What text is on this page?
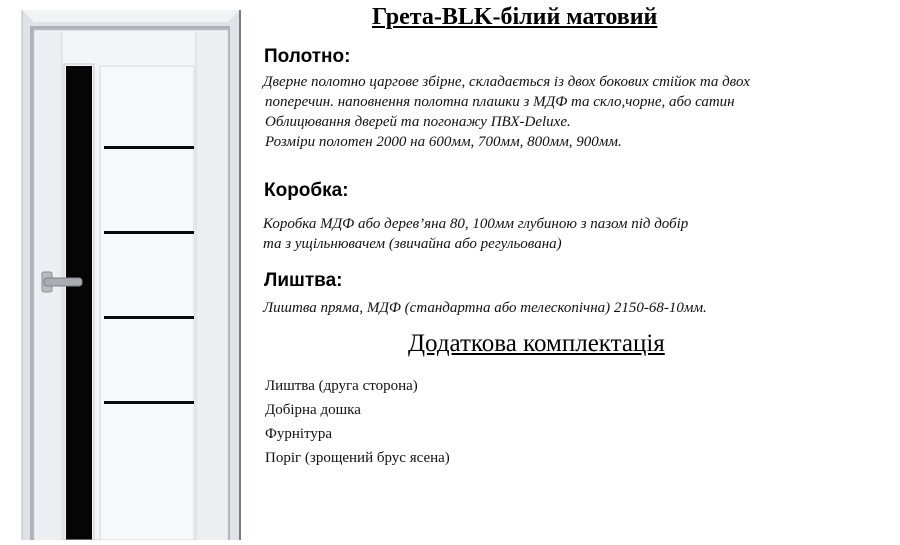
Грета-BLK-білий матовий
Полотно:
Дверне полотно царгове збірне, складається із двох бокових стійок та двох
поперечин. наповнення полотна плашки з МДФ та скло,чорне, або сатин
Облицювання дверей та погонажу ПВХ-Deluxe.
Розміри полотен 2000 на 600мм, 700мм, 800мм, 900мм.
Коробка:
Коробка МДФ або дерев’яна 80, 100мм глубиною з пазом під добір
та з ущільнювачем (звичайна або регульована)
Лиштва:
Лиштва пряма, МДФ (стандартна або телескопічна) 2150-68-10мм.
Додаткова комплектація
Лиштва (друга сторона)
Добірна дошка
Фурнітура
Поріг (зрощений брус ясена)
